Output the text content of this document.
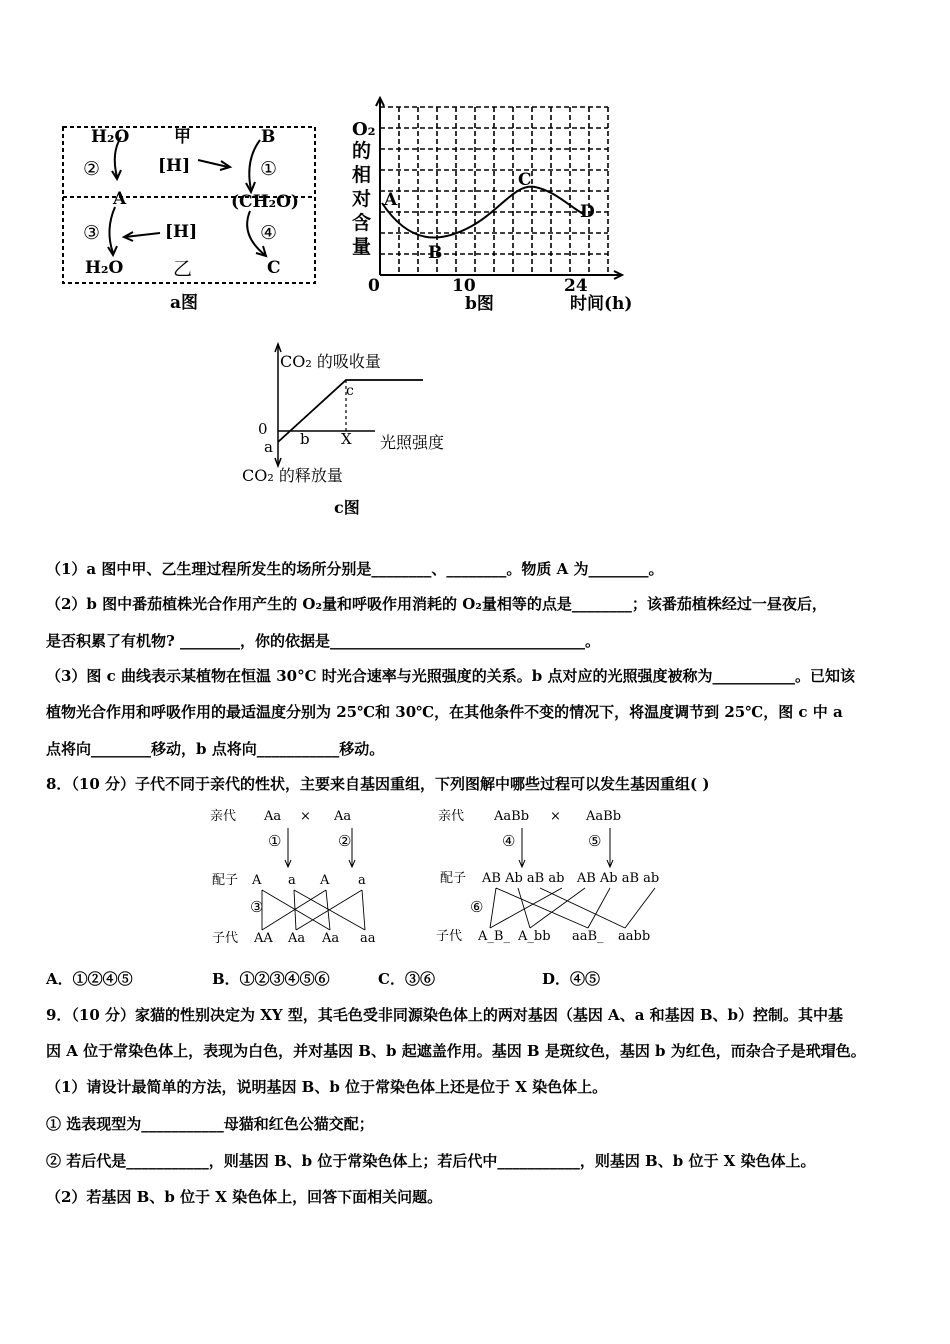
H₂O	甲	B
②	[H]	①
A	(CH₂O)
③	[H]	④
H₂O	乙	C
a图
O₂
的
相
对
含
量
A
B
C
D
0	10	24
b图	时间(h)
CO₂ 的吸收量
0
a b
c
X 光照强度
CO₂ 的释放量
c图
（1）a 图中甲、乙生理过程所发生的场所分别是________、________。物质 A 为________。
（2）b 图中番茄植株光合作用产生的 O₂量和呼吸作用消耗的 O₂量相等的点是________；该番茄植株经过一昼夜后，
是否积累了有机物? ________，你的依据是__________________________________。
（3）图 c 曲线表示某植物在恒温 30°C 时光合速率与光照强度的关系。b 点对应的光照强度被称为___________。已知该
植物光合作用和呼吸作用的最适温度分别为 25℃和 30℃，在其他条件不变的情况下，将温度调节到 25℃，图 c 中 a
点将向________移动，b 点将向___________移动。
8．（10 分）子代不同于亲代的性状，主要来自基因重组，下列图解中哪些过程可以发生基因重组( )
亲代 Aa × Aa
①	②
配子 A a A a
③
子代 AA Aa Aa aa
亲代 AaBb × AaBb
④	⑤
配子 AB Ab aB ab   AB Ab aB ab
⑥
子代 A_B_ A_bb aaB_ aabb
A．①②④⑤	B．①②③④⑤⑥	C．③⑥	D．④⑤
9．（10 分）家猫的性别决定为 XY 型，其毛色受非同源染色体上的两对基因（基因 A、a 和基因 B、b）控制。其中基
因 A 位于常染色体上，表现为白色，并对基因 B、b 起遮盖作用。基因 B 是斑纹色，基因 b 为红色，而杂合子是玳瑁色。
（1）请设计最简单的方法，说明基因 B、b 位于常染色体上还是位于 X 染色体上。
① 选表现型为___________母猫和红色公猫交配；
② 若后代是___________，则基因 B、b 位于常染色体上；若后代中___________，则基因 B、b 位于 X 染色体上。
（2）若基因 B、b 位于 X 染色体上，回答下面相关问题。
